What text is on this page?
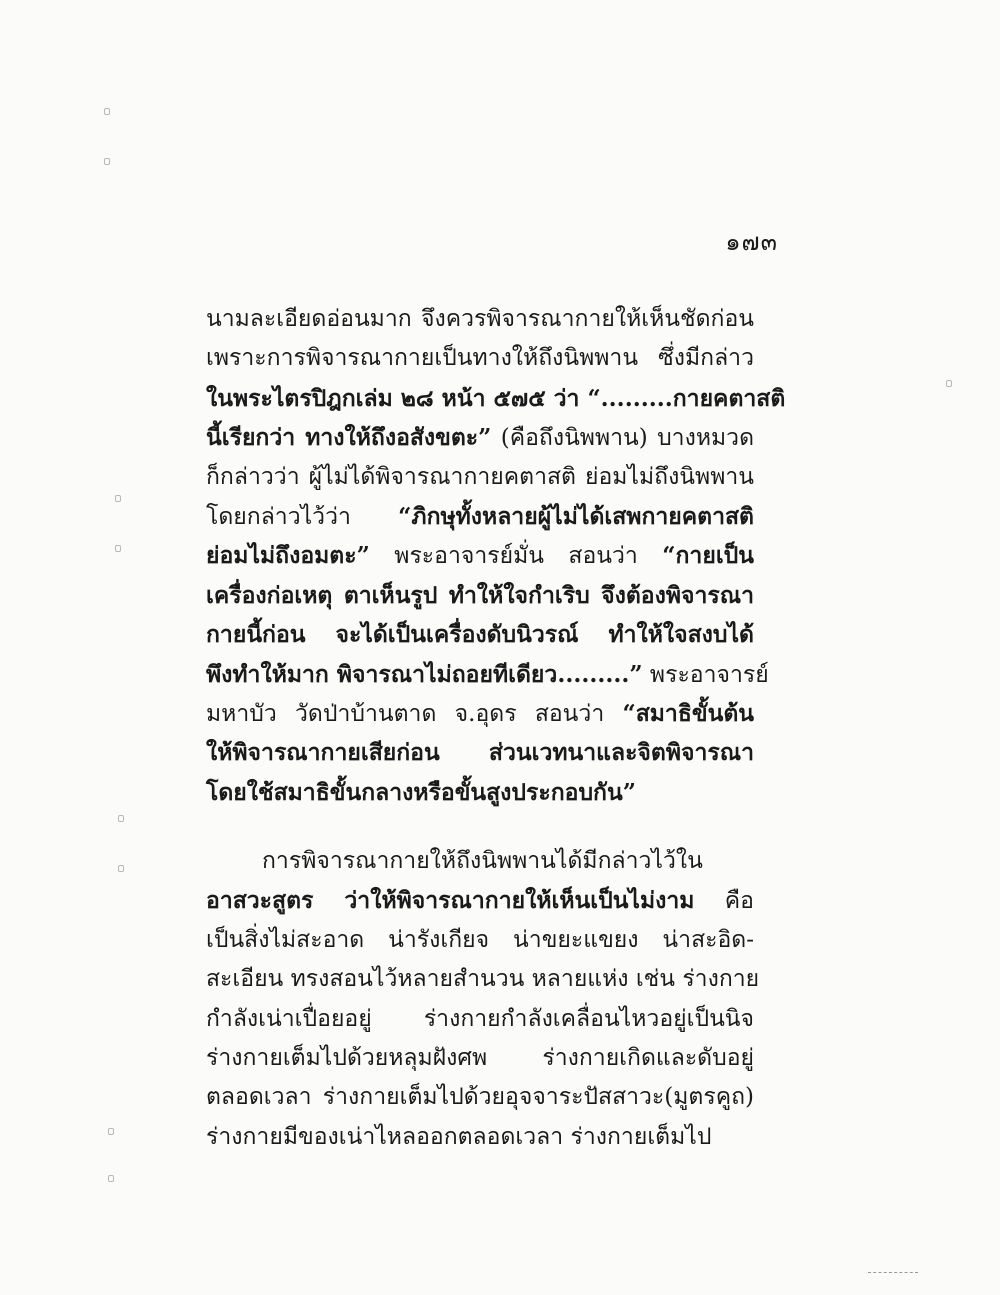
๑๗๓
นามละเอียดอ่อนมาก จึงควรพิจารณากายให้เห็นชัดก่อน
เพราะการพิจารณากายเป็นทางให้ถึงนิพพาน ซึ่งมีกล่าว
ในพระไตรปิฎกเล่ม ๒๘ หน้า ๕๗๕ ว่า “.........กายคตาสติ
นี้เรียกว่า ทางให้ถึงอสังขตะ” (คือถึงนิพพาน) บางหมวด
ก็กล่าวว่า ผู้ไม่ได้พิจารณากายคตาสติ ย่อมไม่ถึงนิพพาน
โดยกล่าวไว้ว่า “ภิกษุทั้งหลายผู้ไม่ได้เสพกายคตาสติ
ย่อมไม่ถึงอมตะ” พระอาจารย์มั่น สอนว่า “กายเป็น
เครื่องก่อเหตุ ตาเห็นรูป ทำให้ใจกำเริบ จึงต้องพิจารณา
กายนี้ก่อน จะได้เป็นเครื่องดับนิวรณ์ ทำให้ใจสงบได้
พึงทำให้มาก พิจารณาไม่ถอยทีเดียว.........” พระอาจารย์
มหาบัว วัดป่าบ้านตาด จ.อุดร สอนว่า “สมาธิขั้นต้น
ให้พิจารณากายเสียก่อน ส่วนเวทนาและจิตพิจารณา
โดยใช้สมาธิขั้นกลางหรือขั้นสูงประกอบกัน”
การพิจารณากายให้ถึงนิพพานได้มีกล่าวไว้ใน
อาสวะสูตร ว่าให้พิจารณากายให้เห็นเป็นไม่งาม คือ
เป็นสิ่งไม่สะอาด น่ารังเกียจ น่าขยะแขยง น่าสะอิด-
สะเอียน ทรงสอนไว้หลายสำนวน หลายแห่ง เช่น ร่างกาย
กำลังเน่าเปื่อยอยู่ ร่างกายกำลังเคลื่อนไหวอยู่เป็นนิจ
ร่างกายเต็มไปด้วยหลุมฝังศพ ร่างกายเกิดและดับอยู่
ตลอดเวลา ร่างกายเต็มไปด้วยอุจจาระปัสสาวะ(มูตรคูถ)
ร่างกายมีของเน่าไหลออกตลอดเวลา ร่างกายเต็มไป
